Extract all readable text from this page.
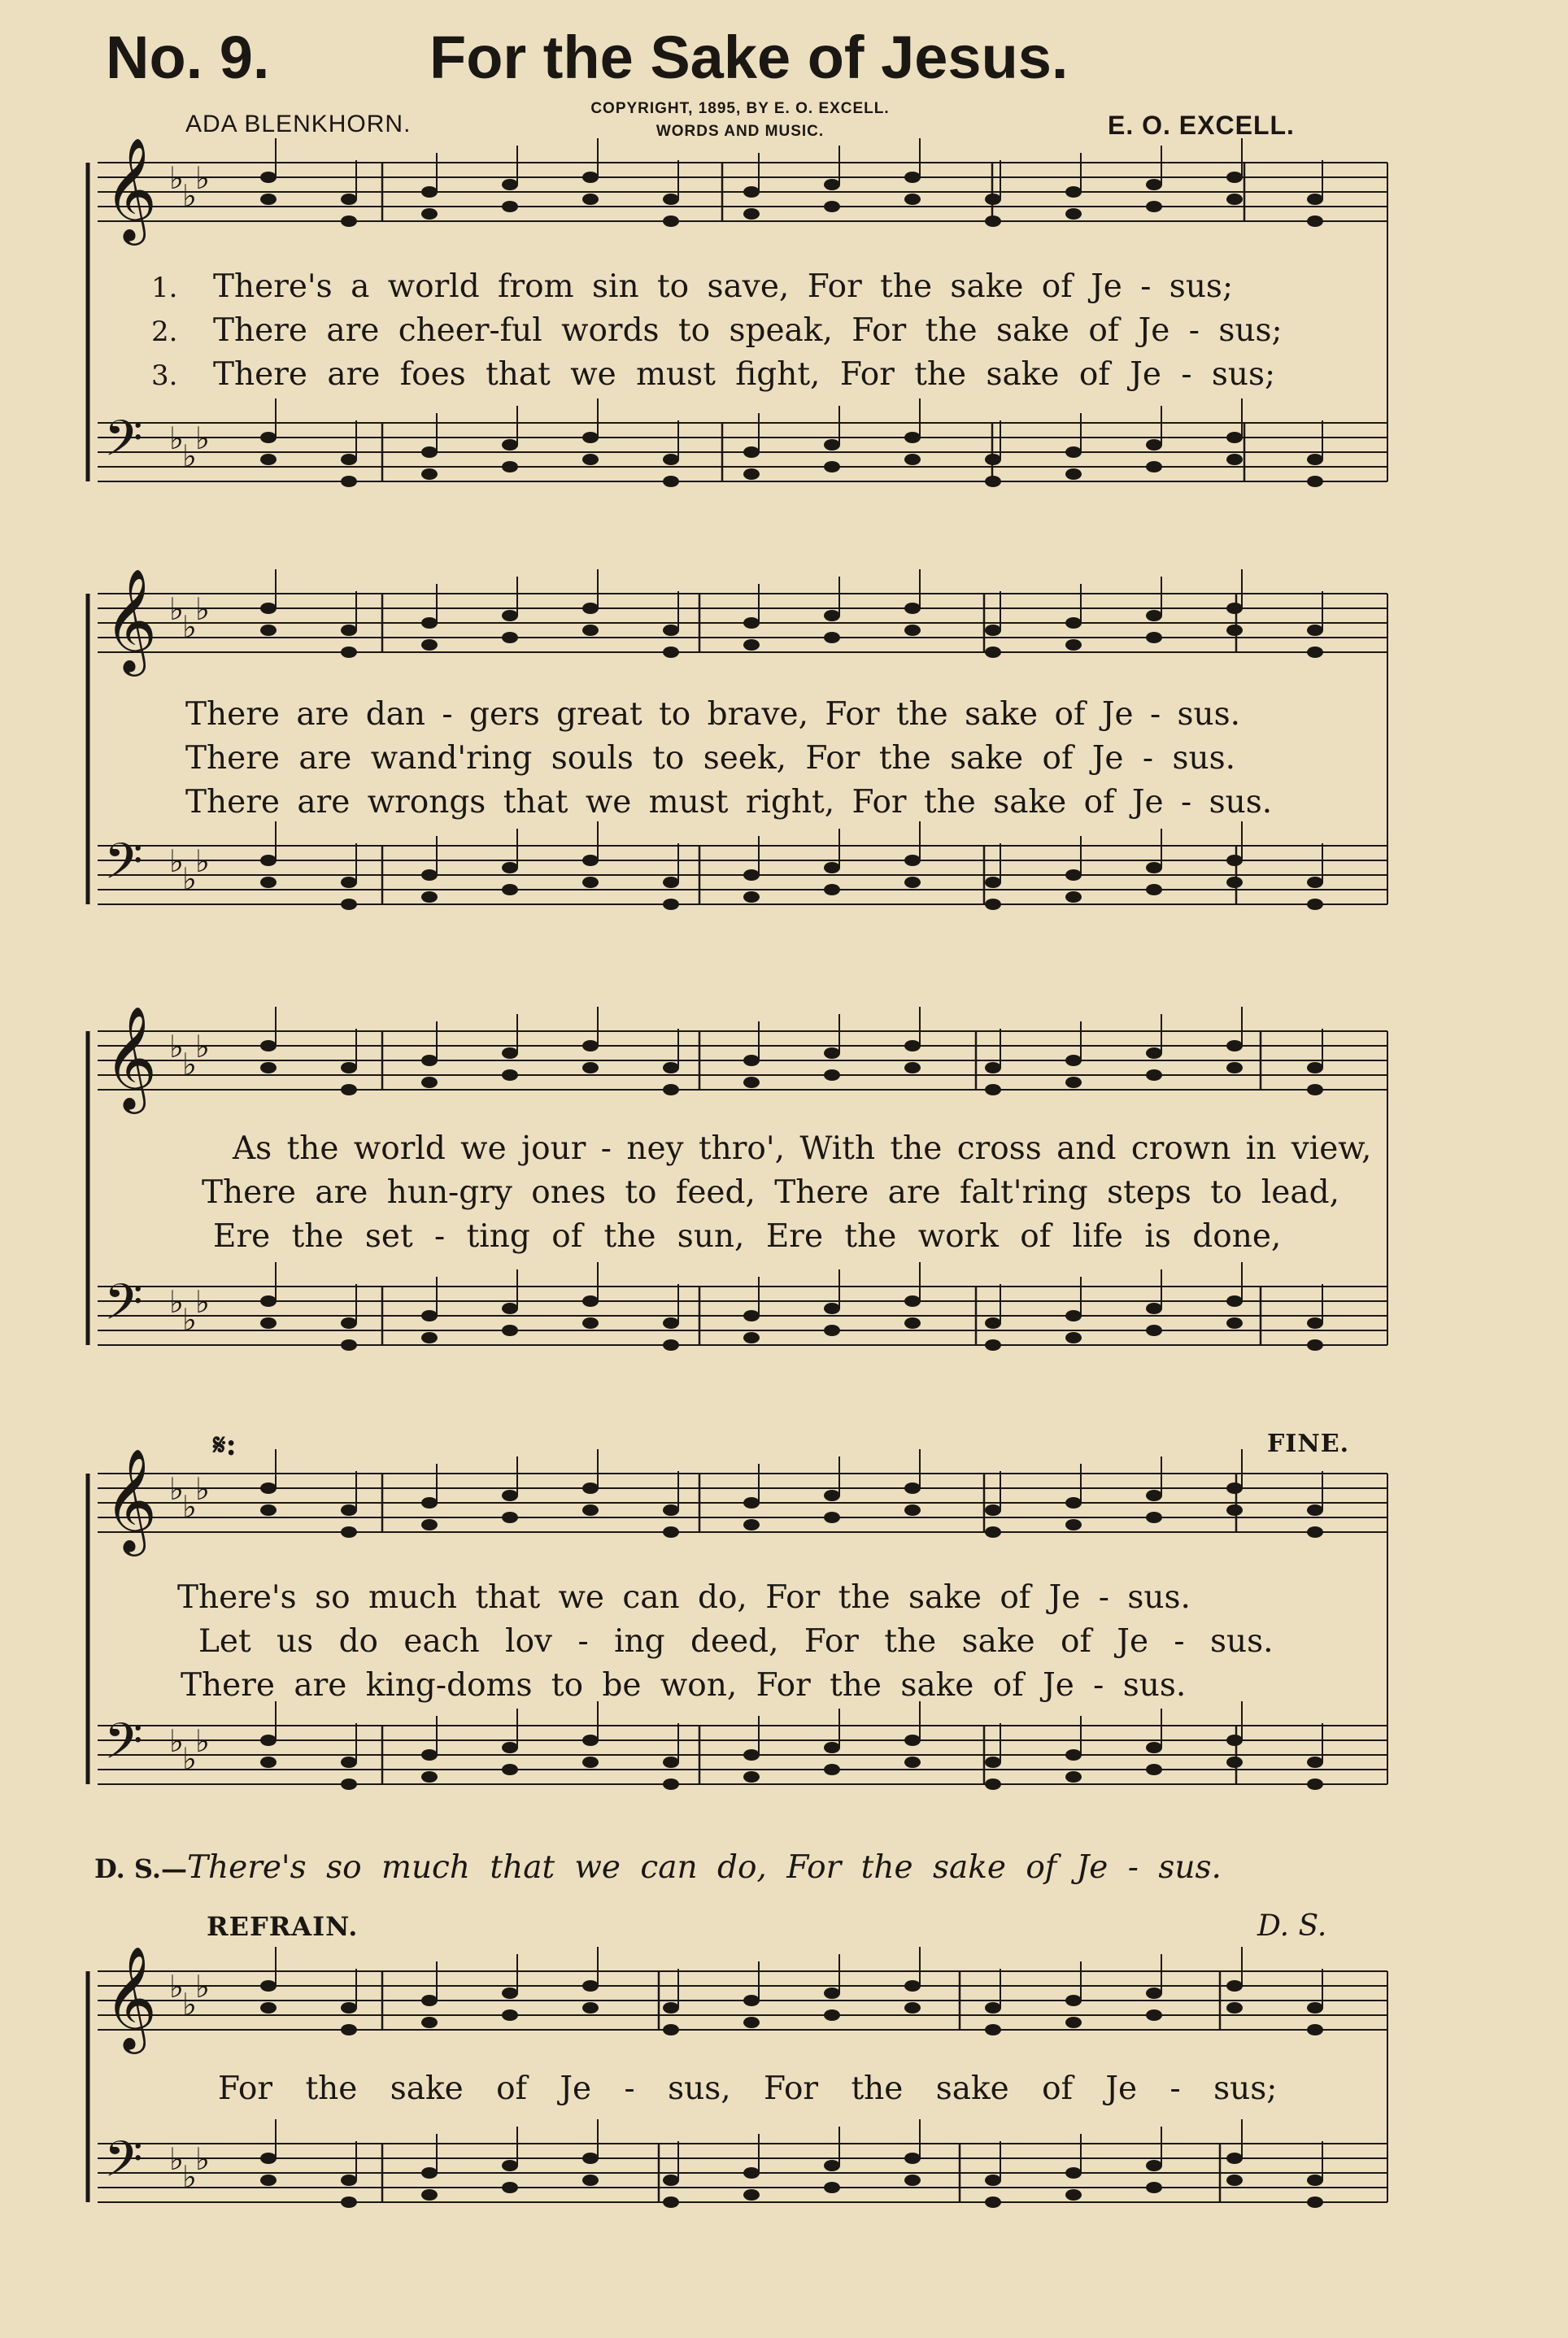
No. 9.	For the Sake of Jesus.
ADA BLENKHORN.
COPYRIGHT, 1895, BY E. O. EXCELL.
WORDS AND MUSIC.	E. O. EXCELL.
𝄞 ♭
♭
♭
𝄢 ♭
♭
♭
𝄞 ♭
♭
♭
𝄢 ♭
♭
♭
𝄞 ♭
♭
♭
𝄢 ♭
♭
♭
𝄞 ♭
♭
♭
𝄢 ♭
♭
♭
𝄞 ♭
♭
♭
𝄢 ♭
♭
♭
1.
2.
3.
There's a world from sin to save, For the sake of Je - sus;
There are cheer-ful words to speak, For the sake of Je - sus;
There are foes that we must fight, For the sake of Je - sus;
There are dan - gers great to brave, For the sake of Je - sus.
There are wand'ring souls to seek, For the sake of Je - sus.
There are wrongs that we must right, For the sake of Je - sus.
As the world we jour - ney thro', With the cross and crown in view,
There are hun-gry ones to feed, There are falt'ring steps to lead,
Ere the set - ting of the sun, Ere the work of life is done,
𝄋:	FINE.
There's so much that we can do, For the sake of Je - sus.
Let us do each lov - ing deed, For the sake of Je - sus.
There are king-doms to be won, For the sake of Je - sus.
D. S.—There's so much that we can do, For the sake of Je - sus.
REFRAIN.	D. S.
For the sake of Je - sus, For the sake of Je - sus;
